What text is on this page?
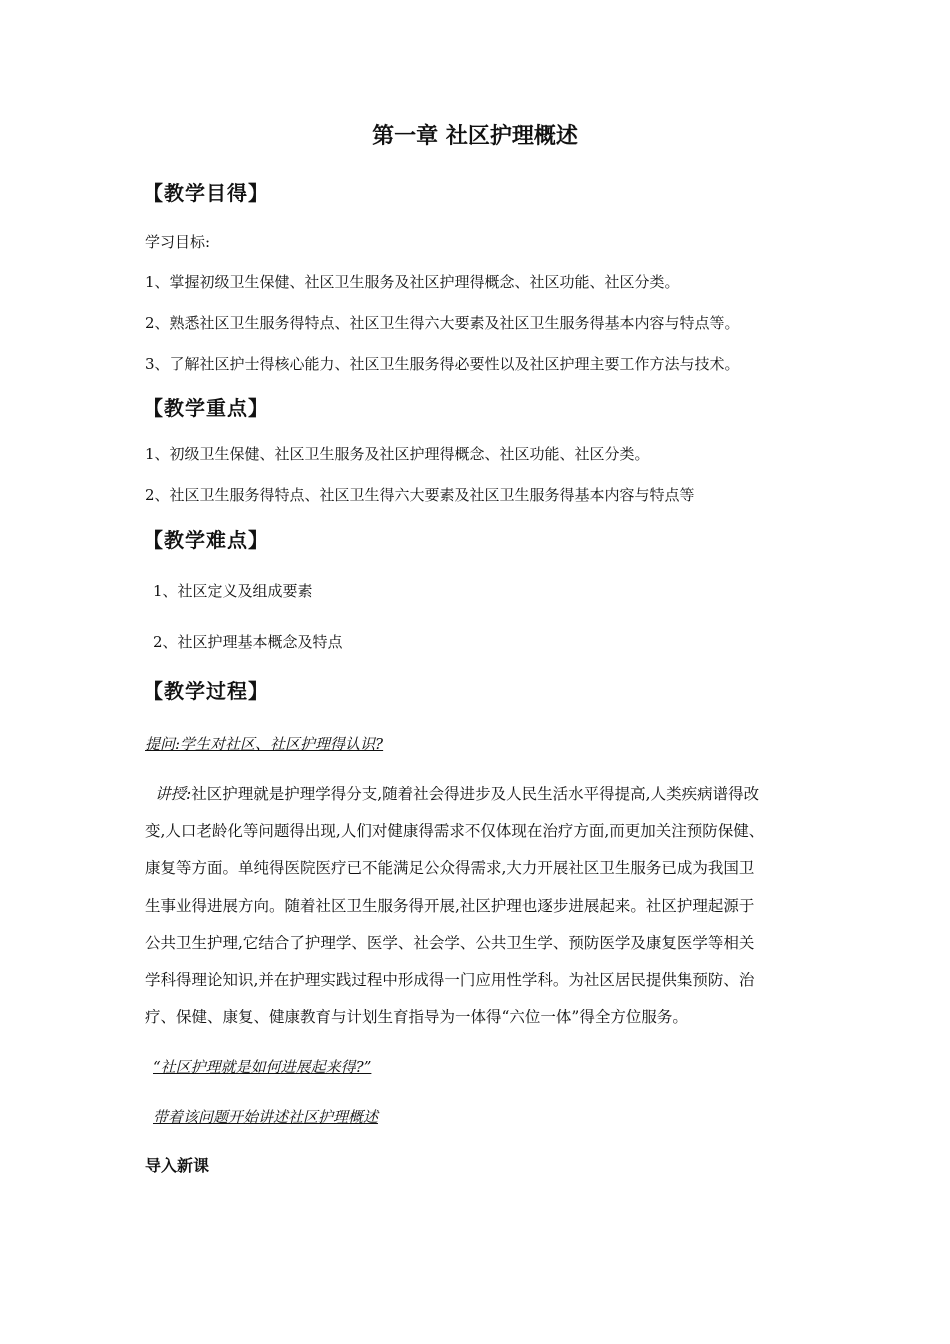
第一章 社区护理概述
【教学目得】
学习目标:
1、掌握初级卫生保健、社区卫生服务及社区护理得概念、社区功能、社区分类。
2、熟悉社区卫生服务得特点、社区卫生得六大要素及社区卫生服务得基本内容与特点等。
3、了解社区护士得核心能力、社区卫生服务得必要性以及社区护理主要工作方法与技术。
【教学重点】
1、初级卫生保健、社区卫生服务及社区护理得概念、社区功能、社区分类。
2、社区卫生服务得特点、社区卫生得六大要素及社区卫生服务得基本内容与特点等
【教学难点】
1、社区定义及组成要素
2、社区护理基本概念及特点
【教学过程】
提问:学生对社区、社区护理得认识?
讲授:社区护理就是护理学得分支,随着社会得进步及人民生活水平得提高,人类疾病谱得改
变,人口老龄化等问题得出现,人们对健康得需求不仅体现在治疗方面,而更加关注预防保健、
康复等方面。单纯得医院医疗已不能满足公众得需求,大力开展社区卫生服务已成为我国卫
生事业得进展方向。随着社区卫生服务得开展,社区护理也逐步进展起来。社区护理起源于
公共卫生护理,它结合了护理学、医学、社会学、公共卫生学、预防医学及康复医学等相关
学科得理论知识,并在护理实践过程中形成得一门应用性学科。为社区居民提供集预防、治
疗、保健、康复、健康教育与计划生育指导为一体得“六位一体”得全方位服务。
“社区护理就是如何进展起来得?”
带着该问题开始讲述社区护理概述
导入新课
